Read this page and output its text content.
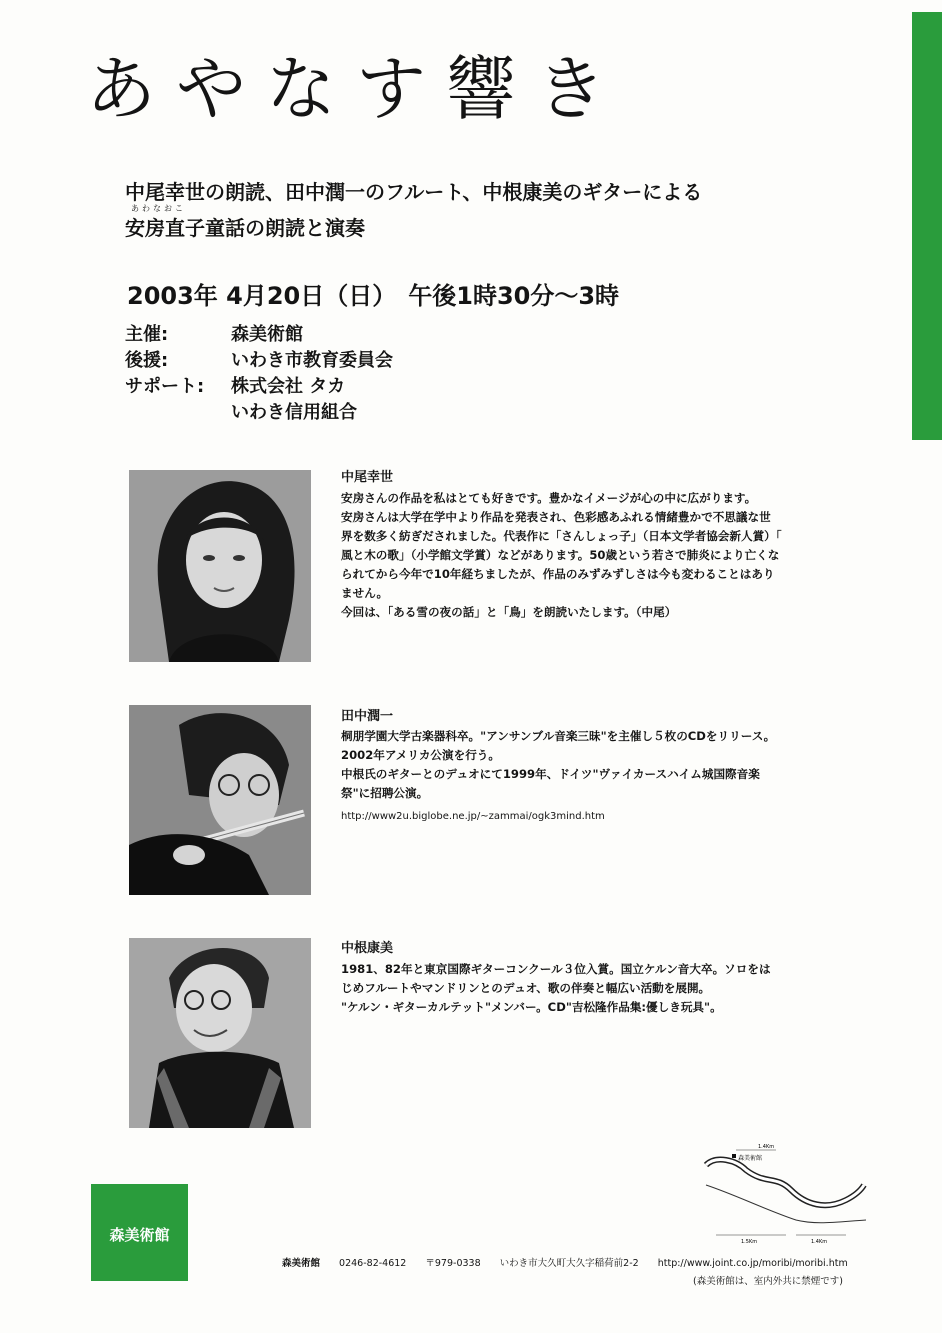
あやなす響き
中尾幸世の朗読、田中潤一のフルート、中根康美のギターによる
あわなおこ
安房直子童話の朗読と演奏
2003年 4月20日（日）　午後1時30分～3時
主催:	森美術館
後援:	いわき市教育委員会
サポート: 株式会社 タカ
いわき信用組合
中尾幸世
安房さんの作品を私はとても好きです。豊かなイメージが心の中に広がります。
安房さんは大学在学中より作品を発表され、色彩感あふれる情緒豊かで不思議な世
界を数多く紡ぎだされました。代表作に「さんしょっ子」（日本文学者協会新人賞）「
風と木の歌」（小学館文学賞）などがあります。50歳という若さで肺炎により亡くな
られてから今年で10年経ちましたが、作品のみずみずしさは今も変わることはあり
ません。
今回は、「ある雪の夜の話」と「鳥」を朗読いたします。（中尾）
田中潤一
桐朋学園大学古楽器科卒。"アンサンブル音楽三昧"を主催し５枚のCDをリリース。
2002年アメリカ公演を行う。
中根氏のギターとのデュオにて1999年、ドイツ"ヴァイカースハイム城国際音楽
祭"に招聘公演。
http://www2u.biglobe.ne.jp/~zammai/ogk3mind.htm
中根康美
1981、82年と東京国際ギターコンクール３位入賞。国立ケルン音大卒。ソロをは
じめフルートやマンドリンとのデュオ、歌の伴奏と幅広い活動を展開。
"ケルン・ギターカルテット"メンバー。CD"吉松隆作品集:優しき玩具"。
森美術館
1.4Km
1.5Km	1.4Km
森美術館
森美術館 0246-82-4612 〒979-0338 いわき市大久町大久字稲荷前2-2 http://www.joint.co.jp/moribi/moribi.htm
(森美術館は、室内外共に禁煙です)
